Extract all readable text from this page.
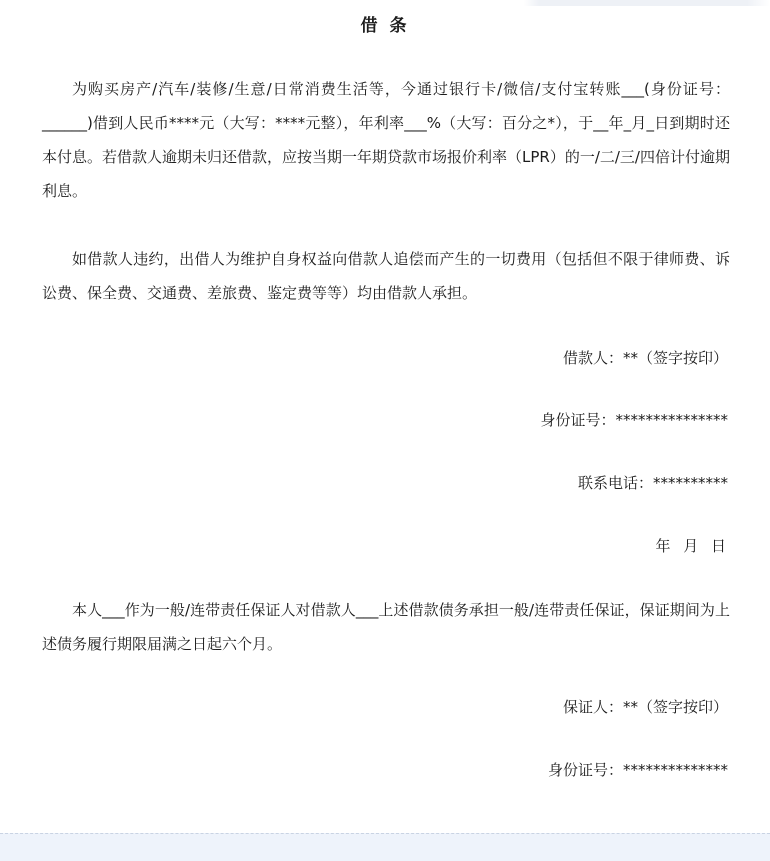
借 条

为购买房产/汽车/装修/生意/日常消费生活等，今通过银行卡/微信/支付宝转账___(身份证号：______)借到人民币****元（大写：****元整），年利率___%（大写：百分之*），于__年_月_日到期时还本付息。若借款人逾期未归还借款，应按当期一年期贷款市场报价利率（LPR）的一/二/三/四倍计付逾期利息。

如借款人违约，出借人为维护自身权益向借款人追偿而产生的一切费用（包括但不限于律师费、诉讼费、保全费、交通费、差旅费、鉴定费等等）均由借款人承担。

借款人：**（签字按印）
身份证号：***************
联系电话：**********
年 月 日

本人___作为一般/连带责任保证人对借款人___上述借款债务承担一般/连带责任保证，保证期间为上述债务履行期限届满之日起六个月。

保证人：**（签字按印）
身份证号：**************
